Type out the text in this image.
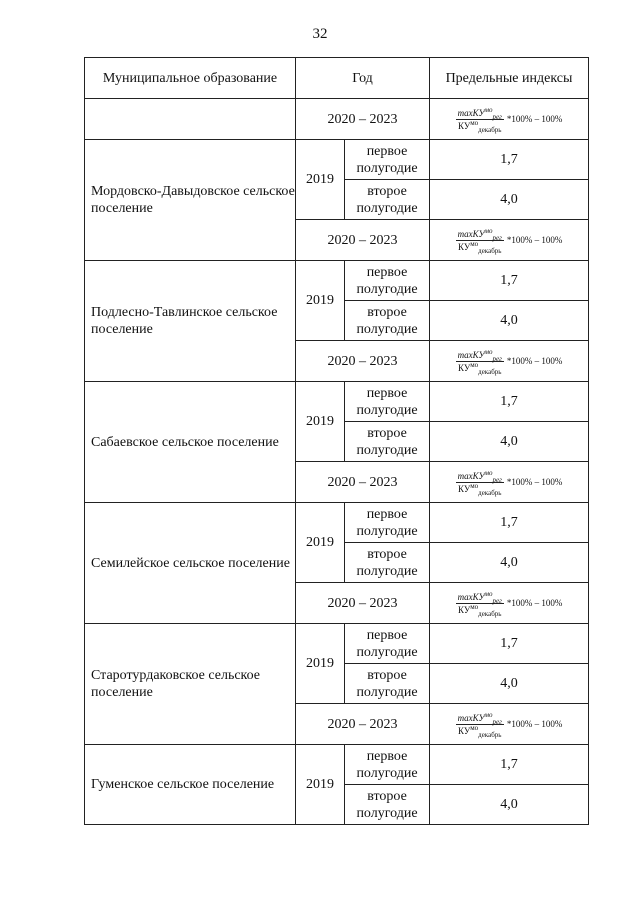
32
Муниципальное образование	Год		Предельные индексы
	2020 – 2023		$\frac{\max КУ^{мо}_{рег}}{КУ^{мо}_{декабрь}} *100\% - 100\%$

Мордовско-Давыдовское сельское поселение	2019	первое полугодие	1,7
		второе полугодие	4,0
	2020 – 2023		$\frac{\max КУ^{мо}_{рег}}{КУ^{мо}_{декабрь}} *100\% - 100\%$

Подлесно-Тавлинское сельское поселение	2019	первое полугодие	1,7
		второе полугодие	4,0
	2020 – 2023		$\frac{\max КУ^{мо}_{рег}}{КУ^{мо}_{декабрь}} *100\% - 100\%$

Сабаевское сельское поселение	2019	первое полугодие	1,7
		второе полугодие	4,0
	2020 – 2023		$\frac{\max КУ^{мо}_{рег}}{КУ^{мо}_{декабрь}} *100\% - 100\%$

Семилейское сельское поселение	2019	первое полугодие	1,7
		второе полугодие	4,0
	2020 – 2023		$\frac{\max КУ^{мо}_{рег}}{КУ^{мо}_{декабрь}} *100\% - 100\%$

Старотурдаковское сельское поселение	2019	первое полугодие	1,7
		второе полугодие	4,0
	2020 – 2023		$\frac{\max КУ^{мо}_{рег}}{КУ^{мо}_{декабрь}} *100\% - 100\%$

Гуменское сельское поселение	2019	первое полугодие	1,7
		второе полугодие	4,0
